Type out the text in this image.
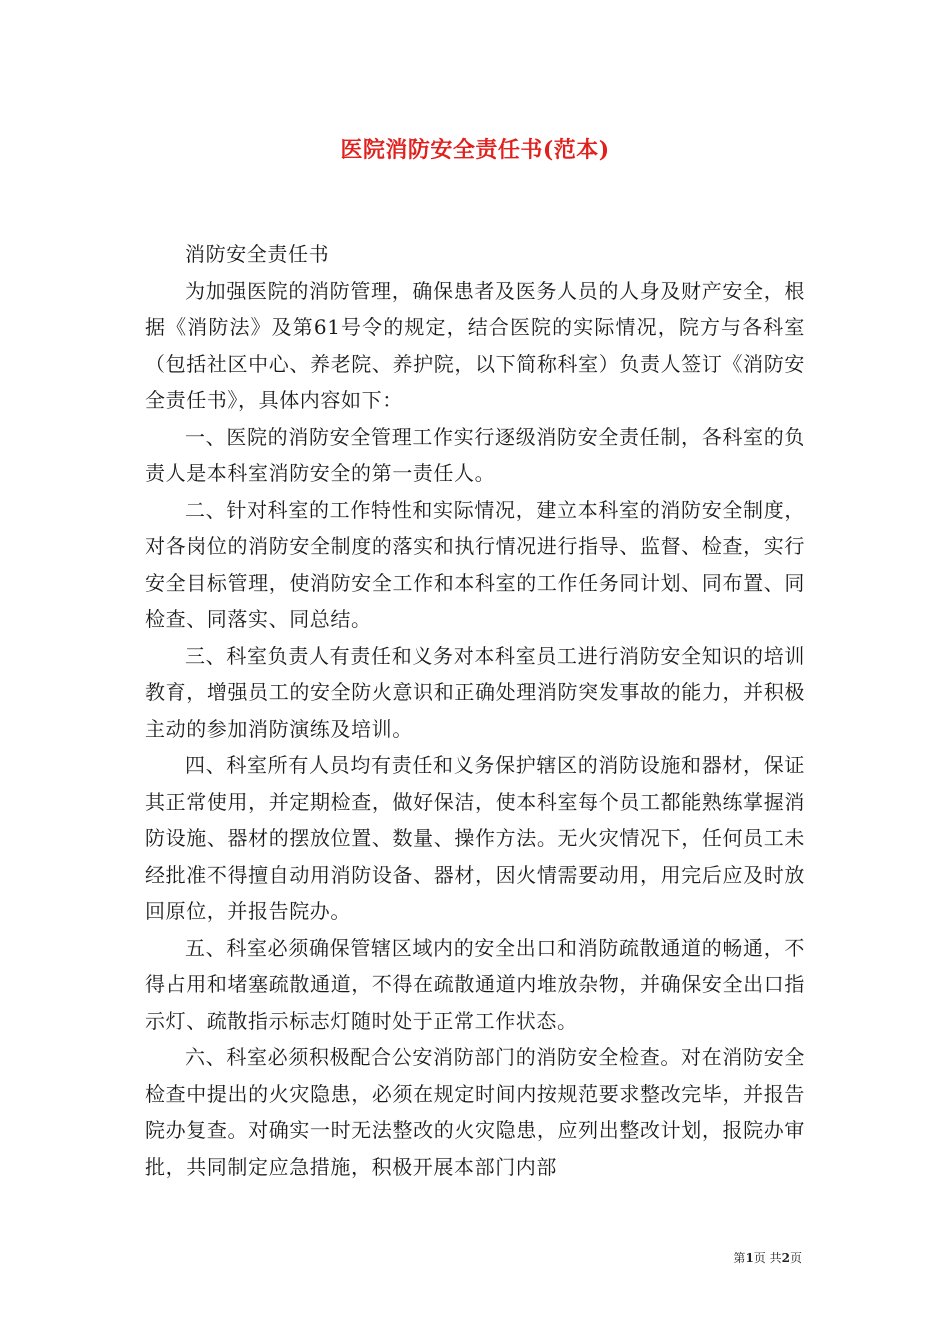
医院消防安全责任书(范本)

消防安全责任书

为加强医院的消防管理，确保患者及医务人员的人身及财产安全，根据《消防法》及第61号令的规定，结合医院的实际情况，院方与各科室（包括社区中心、养老院、养护院，以下简称科室）负责人签订《消防安全责任书》，具体内容如下：

一、医院的消防安全管理工作实行逐级消防安全责任制，各科室的负责人是本科室消防安全的第一责任人。

二、针对科室的工作特性和实际情况，建立本科室的消防安全制度，对各岗位的消防安全制度的落实和执行情况进行指导、监督、检查，实行安全目标管理，使消防安全工作和本科室的工作任务同计划、同布置、同检查、同落实、同总结。

三、科室负责人有责任和义务对本科室员工进行消防安全知识的培训教育，增强员工的安全防火意识和正确处理消防突发事故的能力，并积极主动的参加消防演练及培训。

四、科室所有人员均有责任和义务保护辖区的消防设施和器材，保证其正常使用，并定期检查，做好保洁，使本科室每个员工都能熟练掌握消防设施、器材的摆放位置、数量、操作方法。无火灾情况下，任何员工未经批准不得擅自动用消防设备、器材，因火情需要动用，用完后应及时放回原位，并报告院办。

五、科室必须确保管辖区域内的安全出口和消防疏散通道的畅通，不得占用和堵塞疏散通道，不得在疏散通道内堆放杂物，并确保安全出口指示灯、疏散指示标志灯随时处于正常工作状态。

六、科室必须积极配合公安消防部门的消防安全检查。对在消防安全检查中提出的火灾隐患，必须在规定时间内按规范要求整改完毕，并报告院办复查。对确实一时无法整改的火灾隐患，应列出整改计划，报院办审批，共同制定应急措施，积极开展本部门内部

第1页 共2页
